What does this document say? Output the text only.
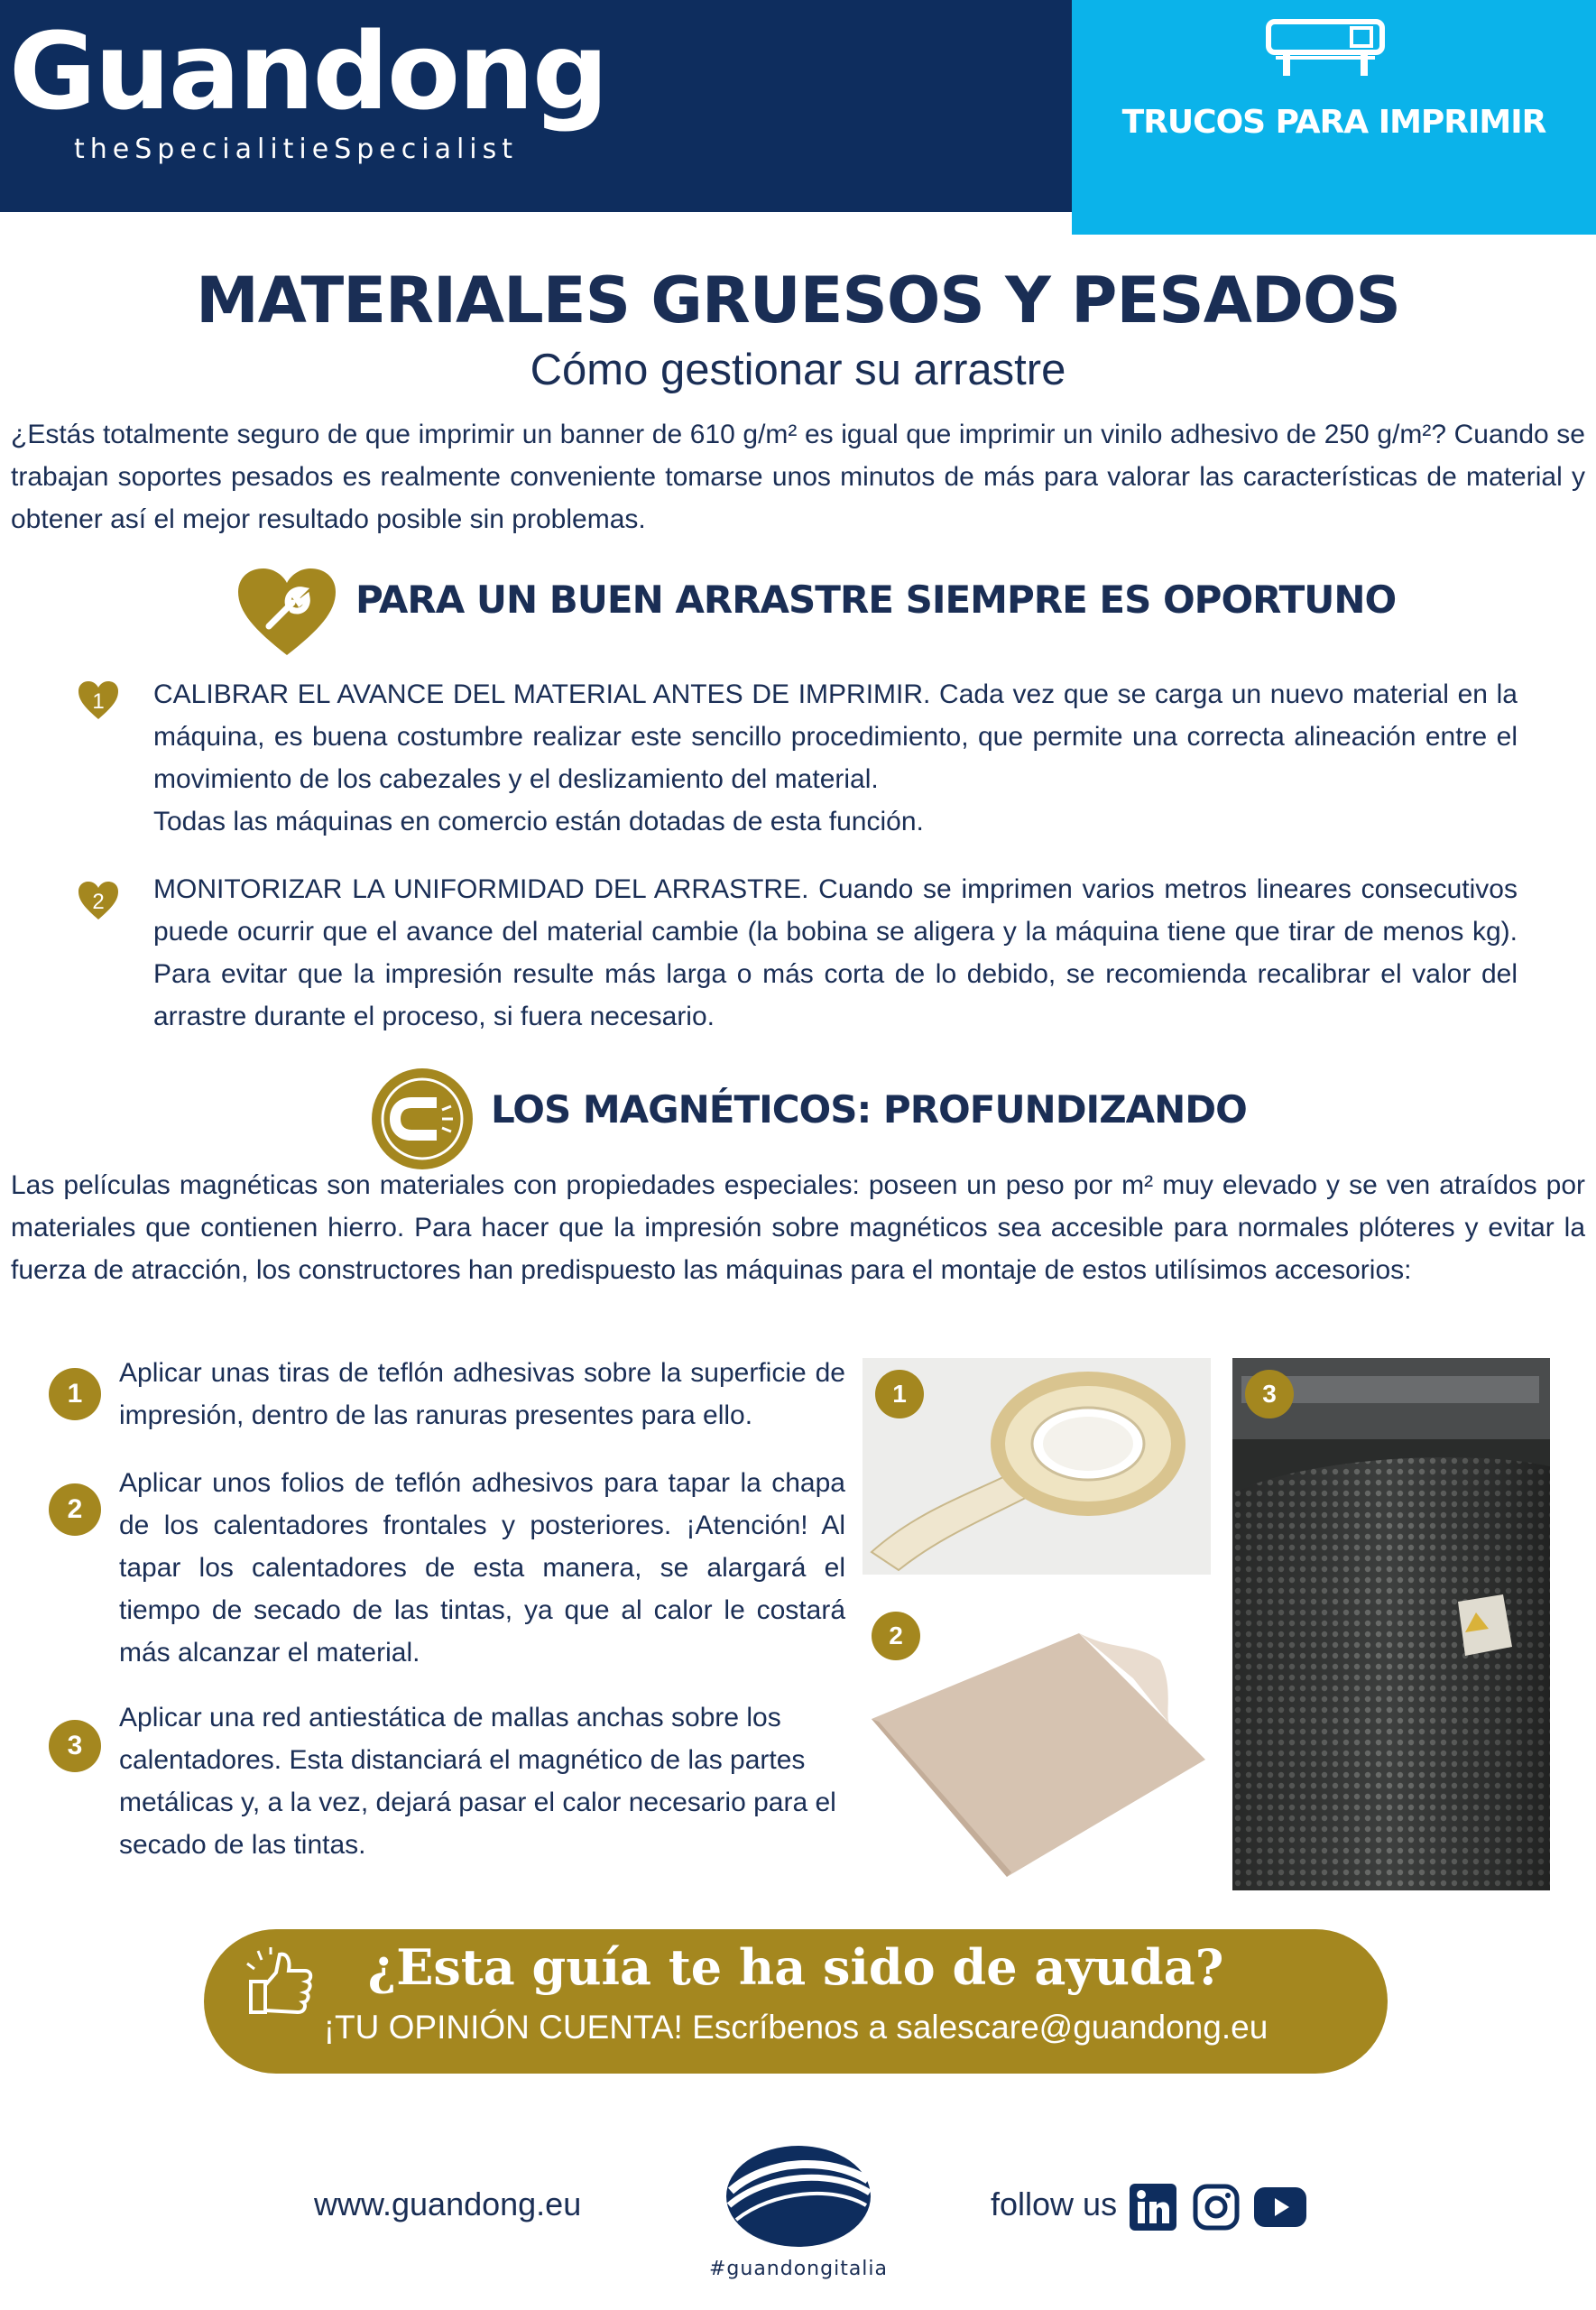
Guandong
theSpecialitieSpecialist
TRUCOS PARA IMPRIMIR
MATERIALES GRUESOS Y PESADOS
Cómo gestionar su arrastre
¿Estás totalmente seguro de que imprimir un banner de 610 g/m² es igual que imprimir un vinilo adhesivo de 250 g/m²? Cuando se trabajan soportes pesados es realmente conveniente tomarse unos minutos de más para valorar las características de material y obtener así el mejor resultado posible sin problemas.
PARA UN BUEN ARRASTRE SIEMPRE ES OPORTUNO
1 CALIBRAR EL AVANCE DEL MATERIAL ANTES DE IMPRIMIR. Cada vez que se carga un nuevo material en la máquina, es buena costumbre realizar este sencillo procedimiento, que permite una correcta alineación entre el movimiento de los cabezales y el deslizamiento del material.
Todas las máquinas en comercio están dotadas de esta función.
2 MONITORIZAR LA UNIFORMIDAD DEL ARRASTRE. Cuando se imprimen varios metros lineares consecutivos puede ocurrir que el avance del material cambie (la bobina se aligera y la máquina tiene que tirar de menos kg). Para evitar que la impresión resulte más larga o más corta de lo debido, se recomienda recalibrar el valor del arrastre durante el proceso, si fuera necesario.
LOS MAGNÉTICOS: PROFUNDIZANDO
Las películas magnéticas son materiales con propiedades especiales: poseen un peso por m² muy elevado y se ven atraídos por materiales que contienen hierro. Para hacer que la impresión sobre magnéticos sea accesible para normales plóteres y evitar la fuerza de atracción, los constructores han predispuesto las máquinas para el montaje de estos utilísimos accesorios:
1
Aplicar unas tiras de teflón adhesivas sobre la superficie de impresión, dentro de las ranuras presentes para ello.
2
Aplicar unos folios de teflón adhesivos para tapar la chapa de los calentadores frontales y posteriores. ¡Atención! Al tapar los calentadores de esta manera, se alargará el tiempo de secado de las tintas, ya que al calor le costará más alcanzar el material.
3
Aplicar una red antiestática de mallas anchas sobre los calentadores. Esta distanciará el magnético de las partes metálicas y, a la vez, dejará pasar el calor necesario para el secado de las tintas.
1
2
3
¿Esta guía te ha sido de ayuda?
¡TU OPINIÓN CUENTA! Escríbenos a salescare@guandong.eu
www.guandong.eu
#guandongitalia
follow us
